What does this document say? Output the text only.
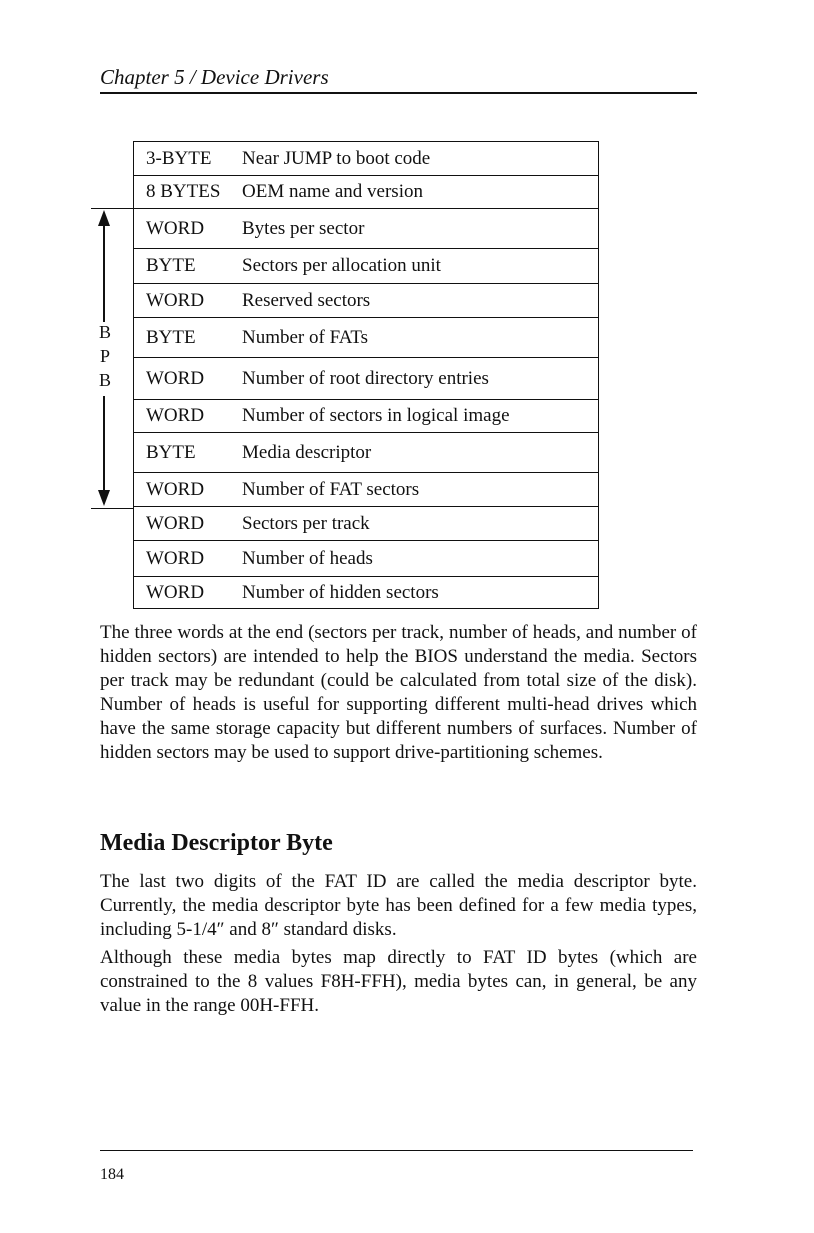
Chapter 5 / Device Drivers
B
P
B
3-BYTE	Near JUMP to boot code
8 BYTES	OEM name and version
WORD	Bytes per sector
BYTE	Sectors per allocation unit
WORD	Reserved sectors
BYTE	Number of FATs
WORD	Number of root directory entries
WORD	Number of sectors in logical image
BYTE	Media descriptor
WORD	Number of FAT sectors
WORD	Sectors per track
WORD	Number of heads
WORD	Number of hidden sectors

The three words at the end (sectors per track, number of heads, and number of hidden sectors) are intended to help the BIOS understand the media. Sectors per track may be redundant (could be calculated from total size of the disk). Number of heads is useful for supporting different multi-head drives which have the same storage capacity but different numbers of surfaces. Number of hidden sectors may be used to support drive-partitioning schemes.

Media Descriptor Byte

The last two digits of the FAT ID are called the media descriptor byte. Currently, the media descriptor byte has been defined for a few media types, including 5-1/4″ and 8″ standard disks.

Although these media bytes map directly to FAT ID bytes (which are constrained to the 8 values F8H-FFH), media bytes can, in general, be any value in the range 00H-FFH.

184
